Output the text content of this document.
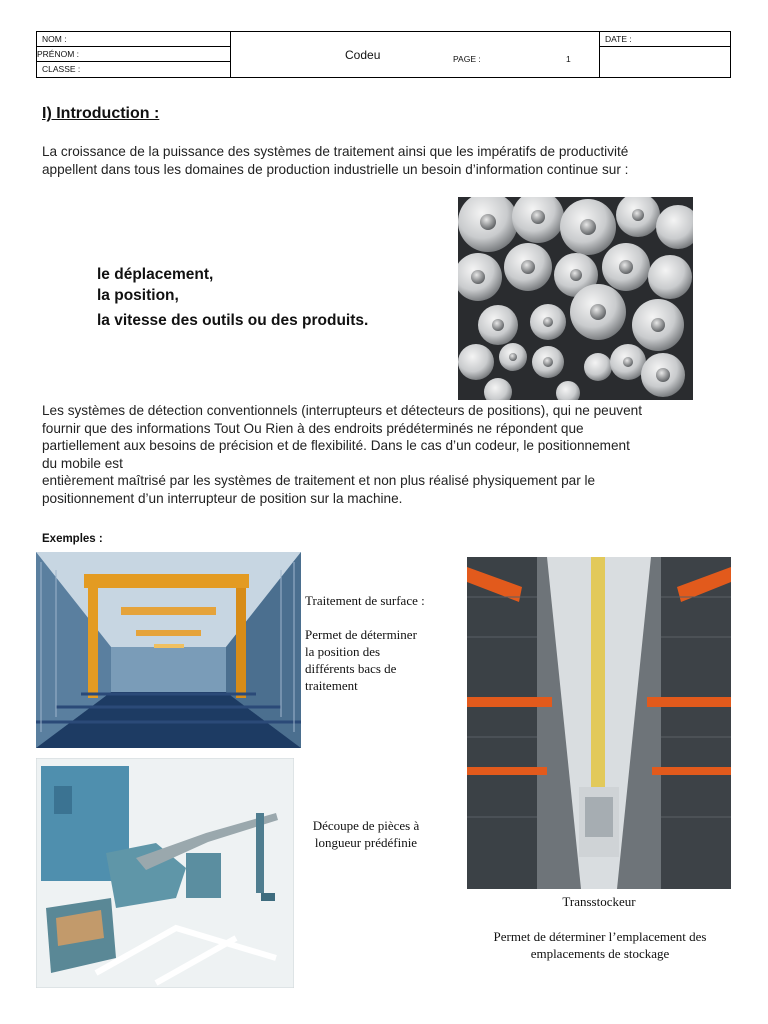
NOM :
PRÉNOM :
CLASSE :
DATE :
Codeu	PAGE :	1
I) Introduction :
La croissance de la puissance des systèmes de traitement ainsi que les impératifs de productivité
appellent dans tous les domaines de production industrielle un besoin d’information continue sur :
le déplacement,
la position,
la vitesse des outils ou des produits.
Les systèmes de détection conventionnels (interrupteurs et détecteurs de positions), qui ne peuvent
fournir que des informations Tout Ou Rien à des endroits prédéterminés ne répondent que
partiellement aux besoins de précision et de flexibilité. Dans le cas d’un codeur, le positionnement
du mobile est
entièrement maîtrisé par les systèmes de traitement et non plus réalisé physiquement par le
positionnement d’un interrupteur de position sur la machine.
Exemples :
Traitement de surface :
Permet de déterminer
la position des
différents bacs de
traitement
Découpe de pièces à
longueur prédéfinie
Transstockeur
Permet de déterminer l’emplacement des
emplacements de stockage
